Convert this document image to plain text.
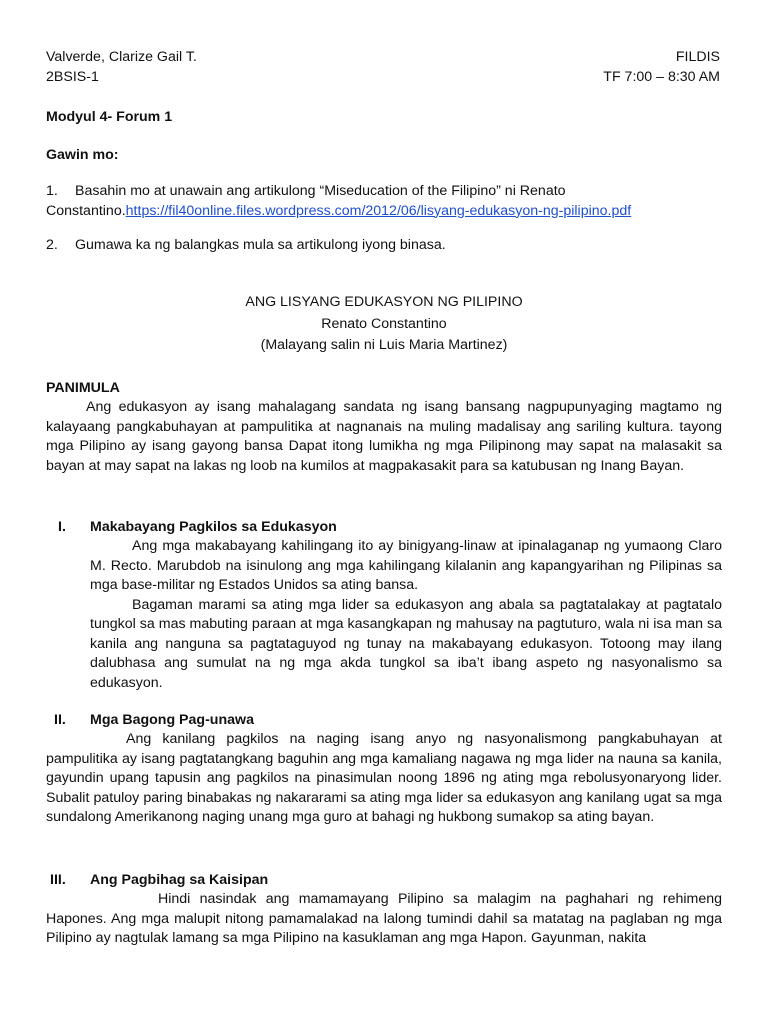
Valverde, Clarize Gail T.
2BSIS-1
FILDIS
TF 7:00 – 8:30 AM
Modyul 4- Forum 1
Gawin mo:
1. Basahin mo at unawain ang artikulong “Miseducation of the Filipino” ni Renato
Constantino.https://fil40online.files.wordpress.com/2012/06/lisyang-edukasyon-ng-pilipino.pdf
2. Gumawa ka ng balangkas mula sa artikulong iyong binasa.
ANG LISYANG EDUKASYON NG PILIPINO
Renato Constantino
(Malayang salin ni Luis Maria Martinez)
PANIMULA
Ang edukasyon ay isang mahalagang sandata ng isang bansang nagpupunyaging magtamo ng kalayaang pangkabuhayan at pampulitika at nagnanais na muling madalisay ang sariling kultura. tayong mga Pilipino ay isang gayong bansa Dapat itong lumikha ng mga Pilipinong may sapat na malasakit sa bayan at may sapat na lakas ng loob na kumilos at magpakasakit para sa katubusan ng Inang Bayan.
I. Makabayang Pagkilos sa Edukasyon
Ang mga makabayang kahilingang ito ay binigyang-linaw at ipinalaganap ng yumaong Claro M. Recto. Marubdob na isinulong ang mga kahilingang kilalanin ang kapangyarihan ng Pilipinas sa mga base-militar ng Estados Unidos sa ating bansa.
Bagaman marami sa ating mga lider sa edukasyon ang abala sa pagtatalakay at pagtatalo tungkol sa mas mabuting paraan at mga kasangkapan ng mahusay na pagtuturo, wala ni isa man sa kanila ang nanguna sa pagtataguyod ng tunay na makabayang edukasyon. Totoong may ilang dalubhasa ang sumulat na ng mga akda tungkol sa iba’t ibang aspeto ng nasyonalismo sa edukasyon.
II. Mga Bagong Pag-unawa
Ang kanilang pagkilos na naging isang anyo ng nasyonalismong pangkabuhayan at pampulitika ay isang pagtatangkang baguhin ang mga kamaliang nagawa ng mga lider na nauna sa kanila, gayundin upang tapusin ang pagkilos na pinasimulan noong 1896 ng ating mga rebolusyonaryong lider. Subalit patuloy paring binabakas ng nakararami sa ating mga lider sa edukasyon ang kanilang ugat sa mga sundalong Amerikanong naging unang mga guro at bahagi ng hukbong sumakop sa ating bayan.
III. Ang Pagbihag sa Kaisipan
Hindi nasindak ang mamamayang Pilipino sa malagim na paghahari ng rehimeng Hapones. Ang mga malupit nitong pamamalakad na lalong tumindi dahil sa matatag na paglaban ng mga Pilipino ay nagtulak lamang sa mga Pilipino na kasuklaman ang mga Hapon. Gayunman, nakita
